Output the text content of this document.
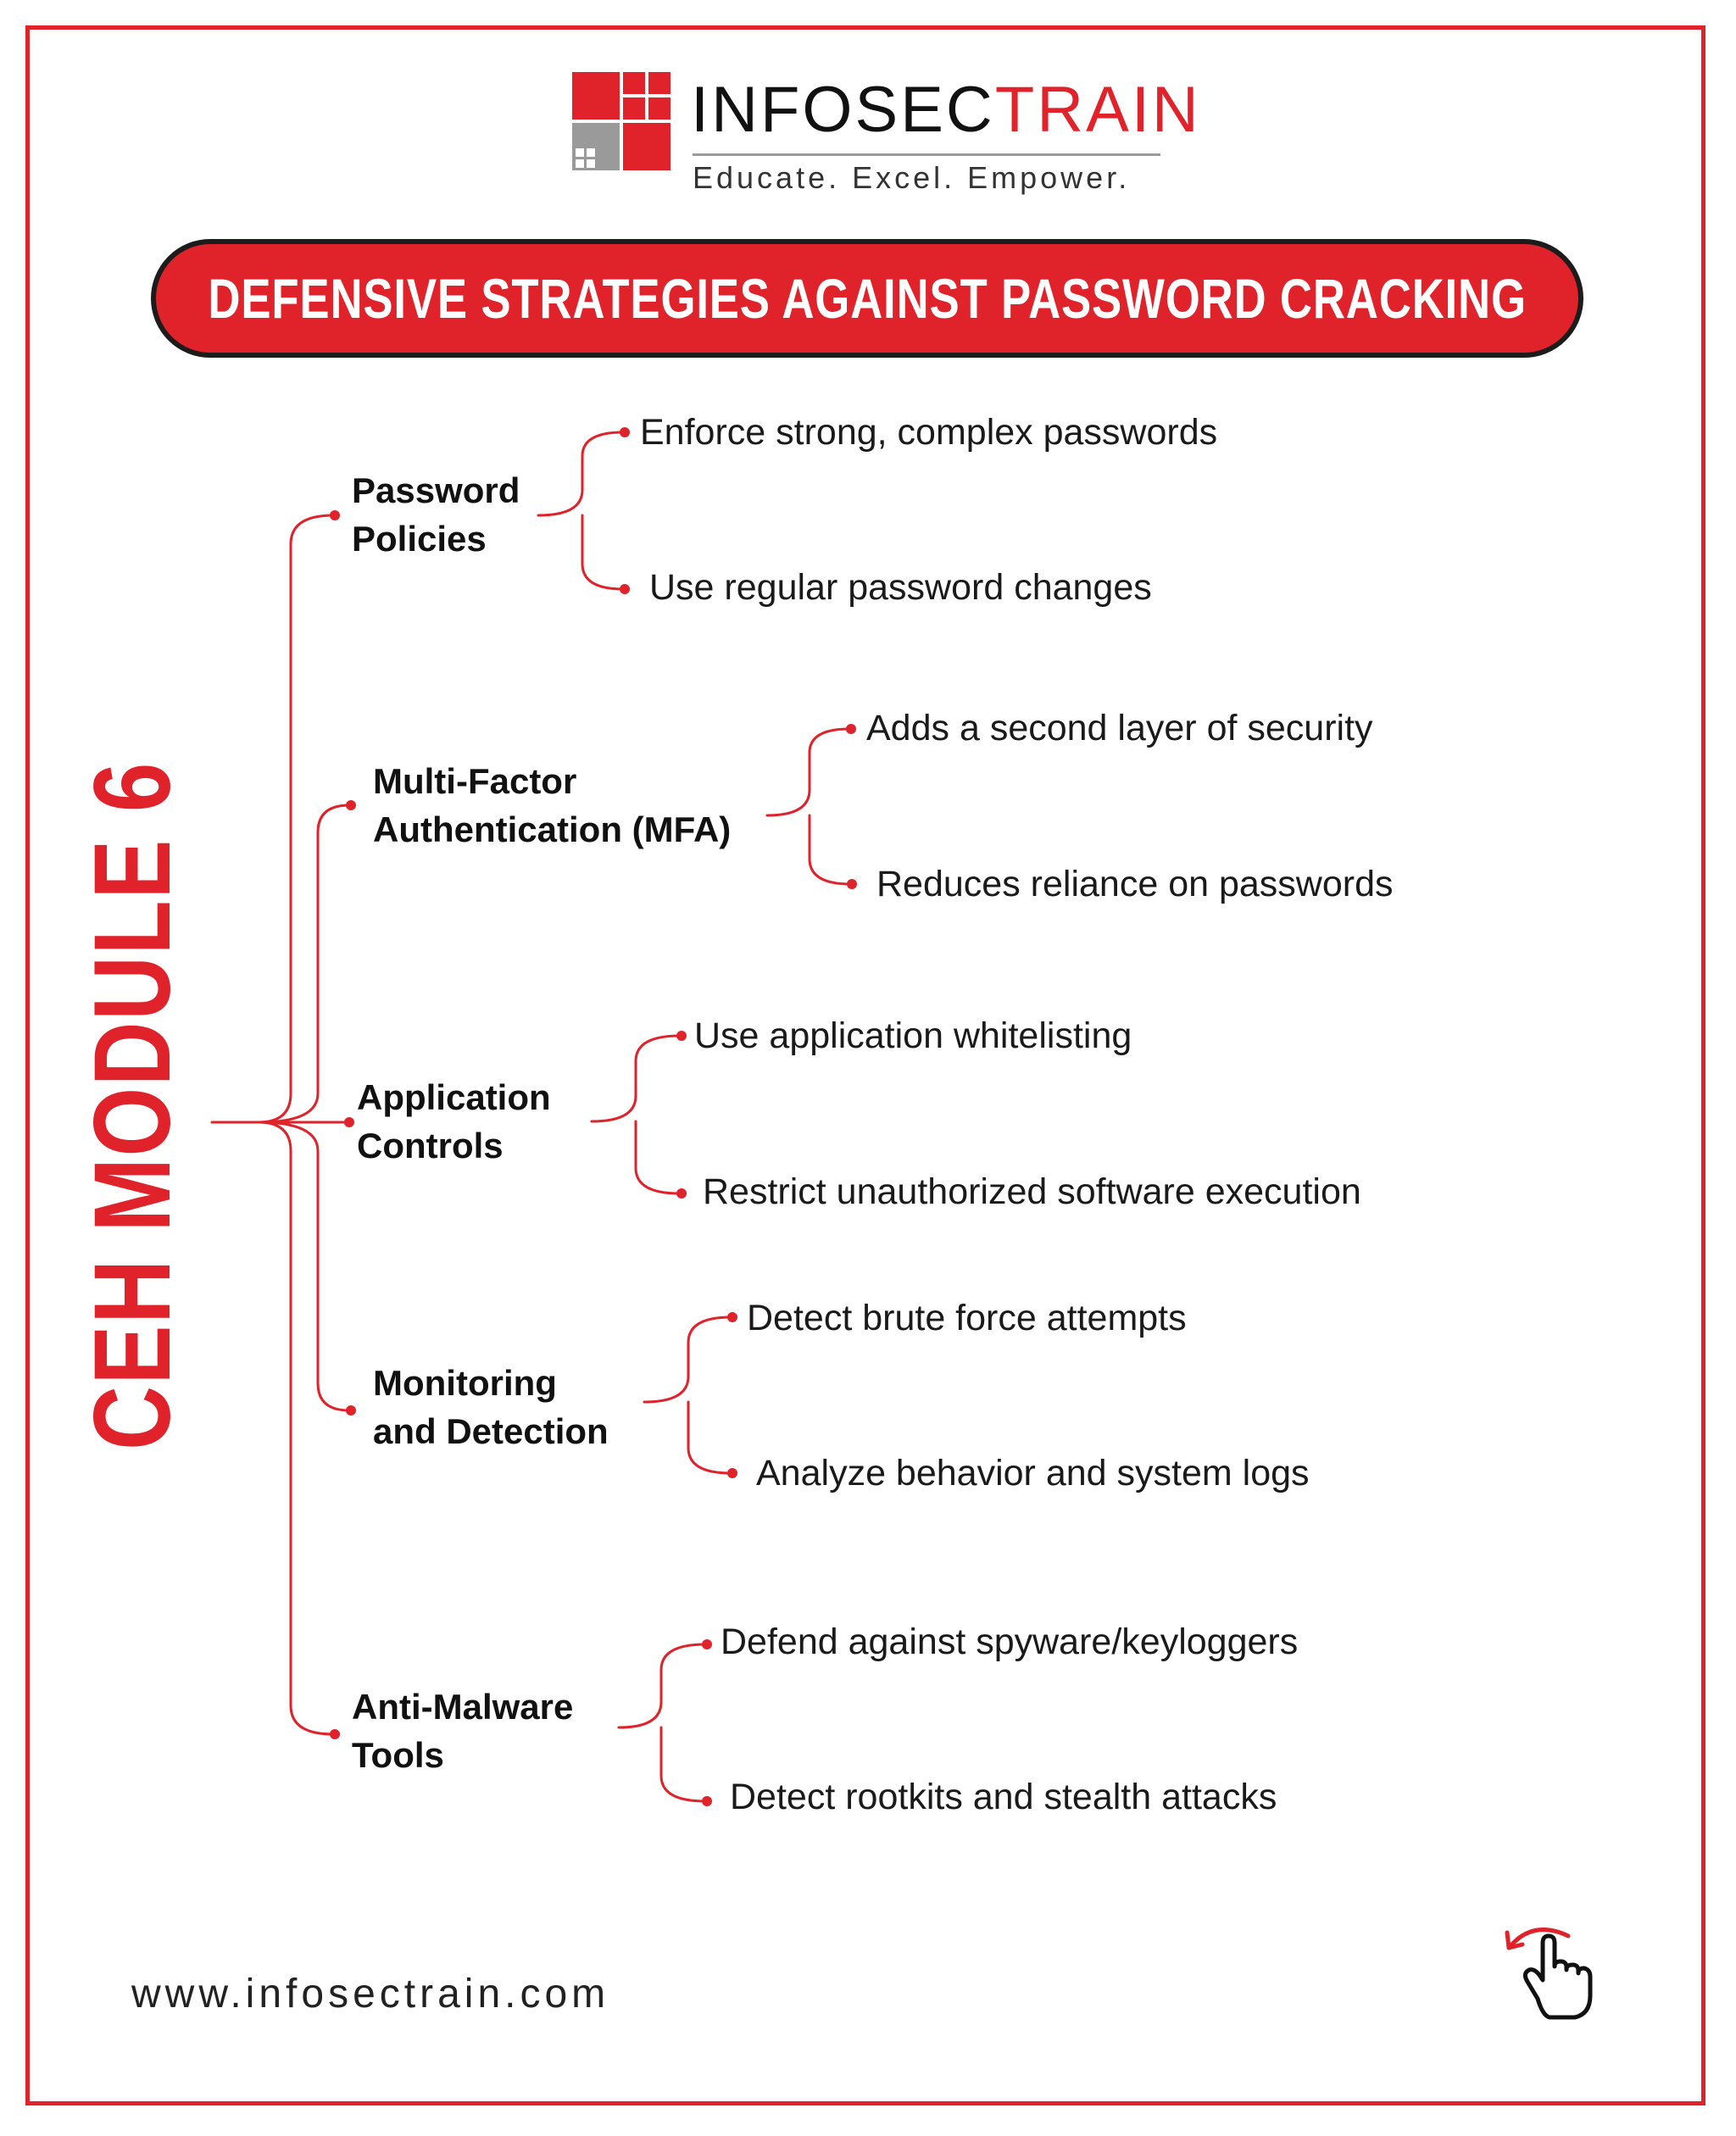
INFOSECTRAIN
Educate. Excel. Empower.
DEFENSIVE STRATEGIES AGAINST PASSWORD CRACKING
CEH MODULE 6
Password
Policies
Multi-Factor
Authentication (MFA)
Application
Controls
Monitoring
and Detection
Anti-Malware
Tools
Enforce strong, complex passwords
Use regular password changes
Adds a second layer of security
Reduces reliance on passwords
Use application whitelisting
Restrict unauthorized software execution
Detect brute force attempts
Analyze behavior and system logs
Defend against spyware/keyloggers
Detect rootkits and stealth attacks
www.infosectrain.com
